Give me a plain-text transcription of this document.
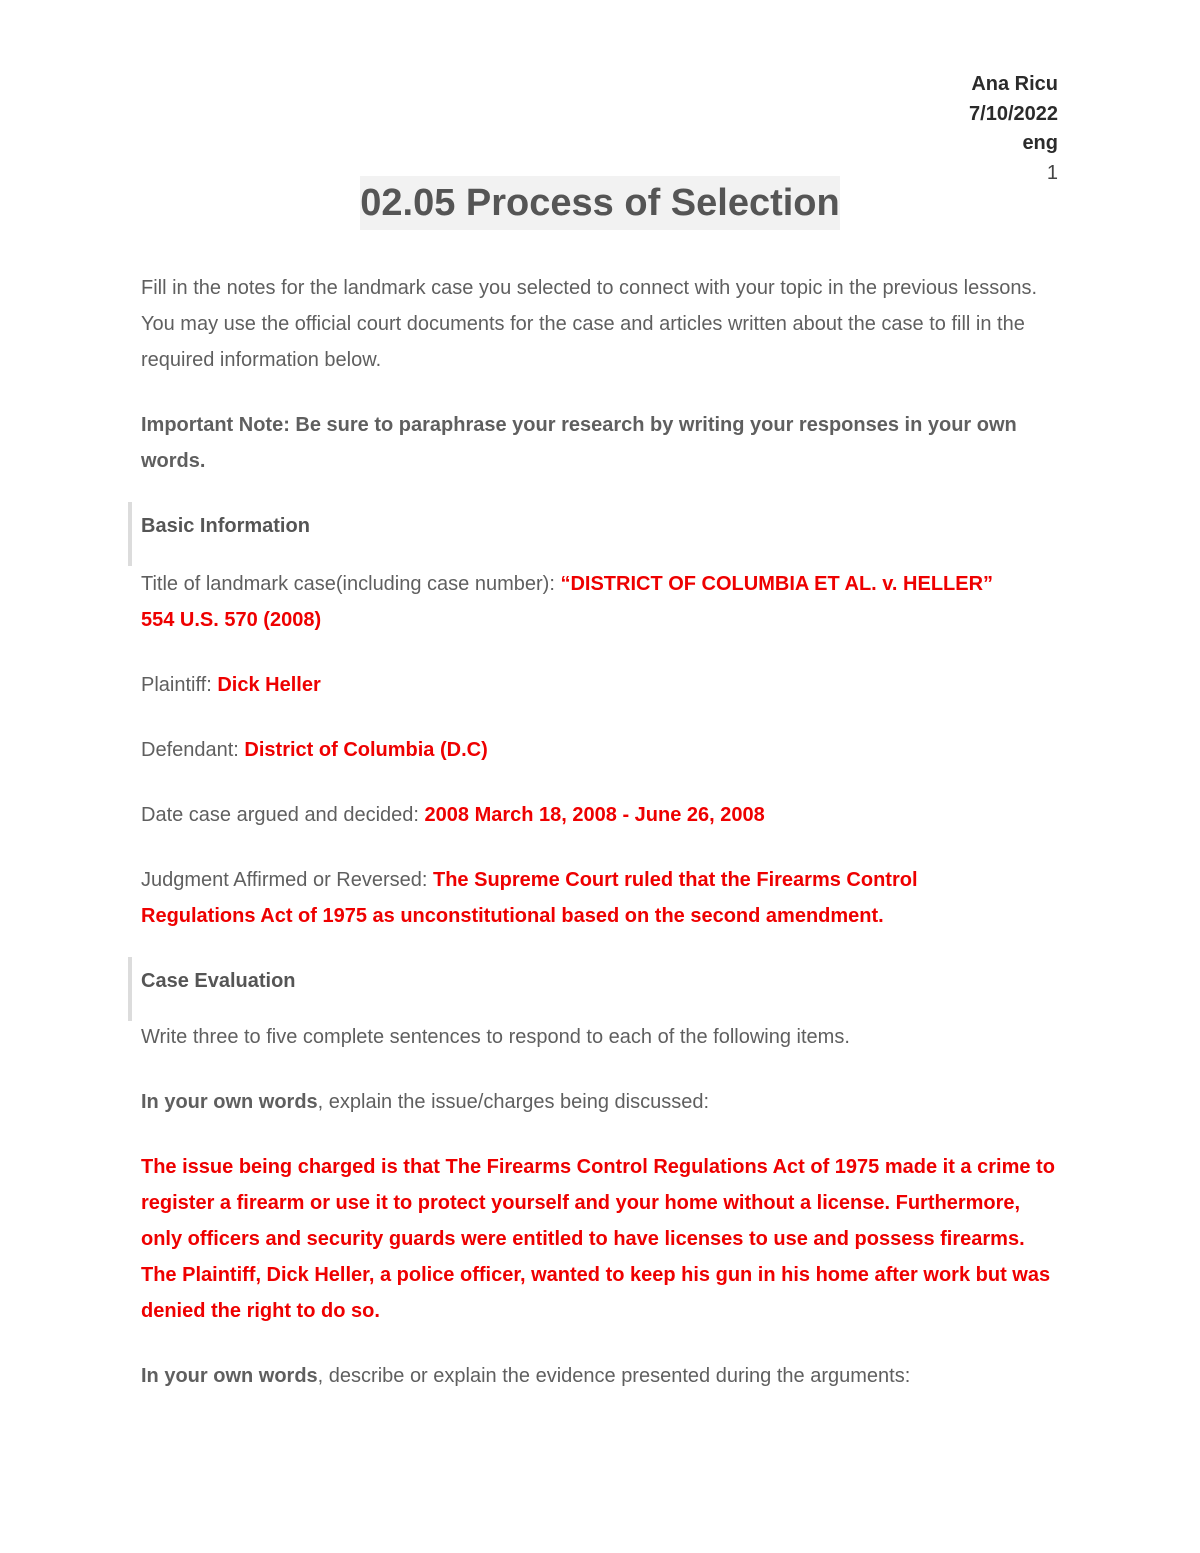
Ana Ricu
7/10/2022
eng
1
02.05 Process of Selection

Fill in the notes for the landmark case you selected to connect with your topic in the previous lessons. You may use the official court documents for the case and articles written about the case to fill in the required information below.

Important Note: Be sure to paraphrase your research by writing your responses in your own words.

Basic Information

Title of landmark case(including case number): “DISTRICT OF COLUMBIA ET AL. v. HELLER”
554 U.S. 570 (2008)

Plaintiff: Dick Heller

Defendant: District of Columbia (D.C)

Date case argued and decided: 2008 March 18, 2008 - June 26, 2008

Judgment Affirmed or Reversed: The Supreme Court ruled that the Firearms Control
Regulations Act of 1975 as unconstitutional based on the second amendment.

Case Evaluation

Write three to five complete sentences to respond to each of the following items.

In your own words, explain the issue/charges being discussed:

The issue being charged is that The Firearms Control Regulations Act of 1975 made it a crime to register a firearm or use it to protect yourself and your home without a license. Furthermore, only officers and security guards were entitled to have licenses to use and possess firearms. The Plaintiff, Dick Heller, a police officer, wanted to keep his gun in his home after work but was denied the right to do so.

In your own words, describe or explain the evidence presented during the arguments:
